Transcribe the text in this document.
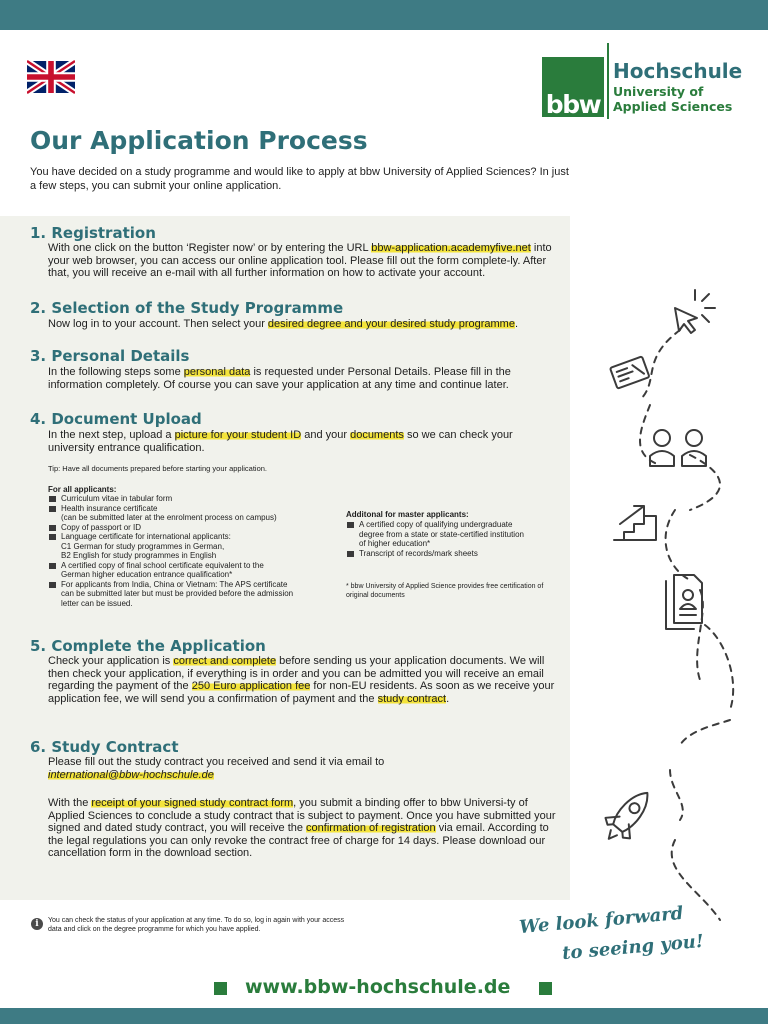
bbw
Hochschule
University of
Applied Sciences
Our Application Process
You have decided on a study programme and would like to apply at bbw University of Applied Sciences? In just a few steps, you can submit your online application.
1. Registration
With one click on the button ‘Register now’ or by entering the URL bbw-application.academyfive.net into your web browser, you can access our online application tool. Please fill out the form complete-ly. After that, you will receive an e-mail with all further information on how to activate your account.
2. Selection of the Study Programme
Now log in to your account. Then select your desired degree and your desired study programme.
3. Personal Details
In the following steps some personal data is requested under Personal Details. Please fill in the information completely. Of course you can save your application at any time and continue later.
4. Document Upload
In the next step, upload a picture for your student ID and your documents so we can check your university entrance qualification.
Tip: Have all documents prepared before starting your application.
For all applicants:
Curriculum vitae in tabular form
Health insurance certificate
(can be submitted later at the enrolment process on campus)
Copy of passport or ID
Language certificate for international applicants:
C1 German for study programmes in German,
B2 English for study programmes in English
A certified copy of final school certificate equivalent to the
German higher education entrance qualification*
For applicants from India, China or Vietnam: The APS certificate
can be submitted later but must be provided before the admission
letter can be issued.
Additonal for master applicants:
A certified copy of qualifying undergraduate
degree from a state or state-certified institution
of higher education*
Transcript of records/mark sheets
* bbw University of Applied Science provides free certification of original documents
5. Complete the Application
Check your application is correct and complete before sending us your application documents. We will then check your application, if everything is in order and you can be admitted you will receive an email regarding the payment of the 250 Euro application fee for non-EU residents. As soon as we receive your application fee, we will send you a confirmation of payment and the study contract.
6. Study Contract
Please fill out the study contract you received and send it via email to
international@bbw-hochschule.de
With the receipt of your signed study contract form, you submit a binding offer to bbw Universi-ty of Applied Sciences to conclude a study contract that is subject to payment. Once you have submitted your signed and dated study contract, you will receive the confirmation of registration via email. According to the legal regulations you can only revoke the contract free of charge for 14 days. Please download our cancellation form in the download section.
i	You can check the status of your application at any time. To do so, log in again with your access data and click on the degree programme for which you have applied.	We look forward
to seeing you!
www.bbw-hochschule.de
